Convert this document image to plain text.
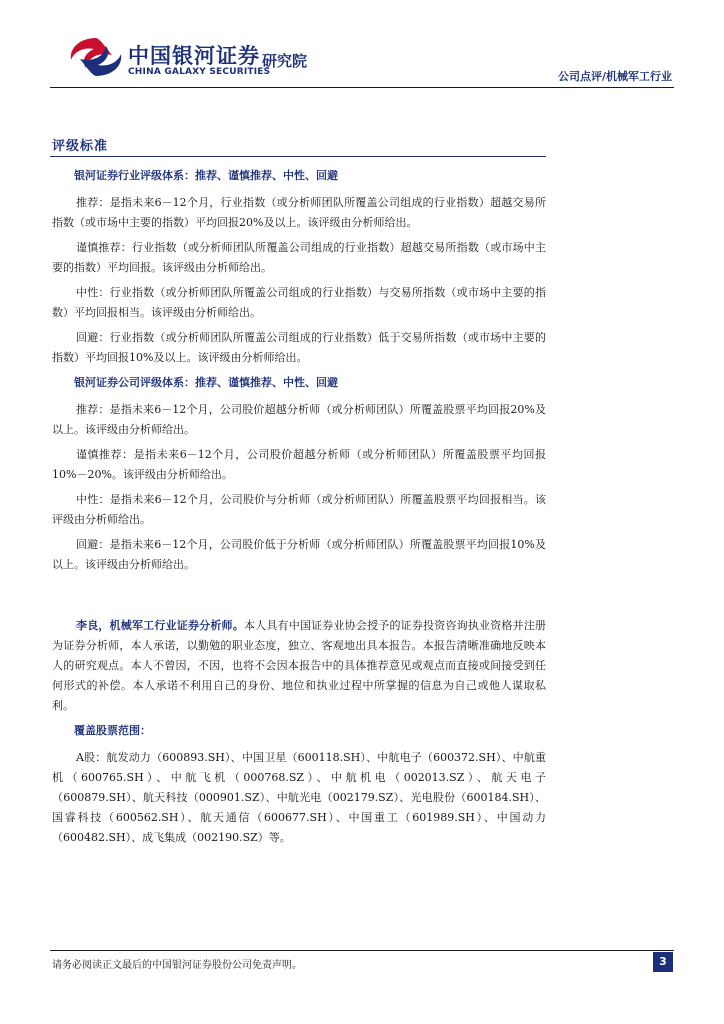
中国银河证券
CHINA GALAXY SECURITIES
研究院
公司点评/机械军工行业
评级标准
银河证券行业评级体系：推荐、谨慎推荐、中性、回避

推荐：是指未来6－12个月，行业指数（或分析师团队所覆盖公司组成的行业指数）超越交易所指数（或市场中主要的指数）平均回报20%及以上。该评级由分析师给出。

谨慎推荐：行业指数（或分析师团队所覆盖公司组成的行业指数）超越交易所指数（或市场中主要的指数）平均回报。该评级由分析师给出。

中性：行业指数（或分析师团队所覆盖公司组成的行业指数）与交易所指数（或市场中主要的指数）平均回报相当。该评级由分析师给出。

回避：行业指数（或分析师团队所覆盖公司组成的行业指数）低于交易所指数（或市场中主要的指数）平均回报10%及以上。该评级由分析师给出。

银河证券公司评级体系：推荐、谨慎推荐、中性、回避

推荐：是指未来6－12个月，公司股价超越分析师（或分析师团队）所覆盖股票平均回报20%及以上。该评级由分析师给出。

谨慎推荐：是指未来6－12个月，公司股价超越分析师（或分析师团队）所覆盖股票平均回报10%－20%。该评级由分析师给出。

中性：是指未来6－12个月，公司股价与分析师（或分析师团队）所覆盖股票平均回报相当。该评级由分析师给出。

回避：是指未来6－12个月，公司股价低于分析师（或分析师团队）所覆盖股票平均回报10%及以上。该评级由分析师给出。

李良，机械军工行业证券分析师。本人具有中国证券业协会授予的证券投资咨询执业资格并注册为证券分析师，本人承诺，以勤勉的职业态度，独立、客观地出具本报告。本报告清晰准确地反映本人的研究观点。本人不曾因，不因，也将不会因本报告中的具体推荐意见或观点而直接或间接受到任何形式的补偿。本人承诺不利用自己的身份、地位和执业过程中所掌握的信息为自己或他人谋取私利。

覆盖股票范围：

A股：航发动力（600893.SH）、中国卫星（600118.SH）、中航电子（600372.SH）、中航重机（600765.SH）、中航飞机（000768.SZ）、中航机电（002013.SZ）、航天电子（600879.SH）、航天科技（000901.SZ）、中航光电（002179.SZ）、光电股份（600184.SH）、国睿科技（600562.SH）、航天通信（600677.SH）、中国重工（601989.SH）、中国动力（600482.SH）、成飞集成（002190.SZ）等。

请务必阅读正文最后的中国银河证券股份公司免责声明。	3
